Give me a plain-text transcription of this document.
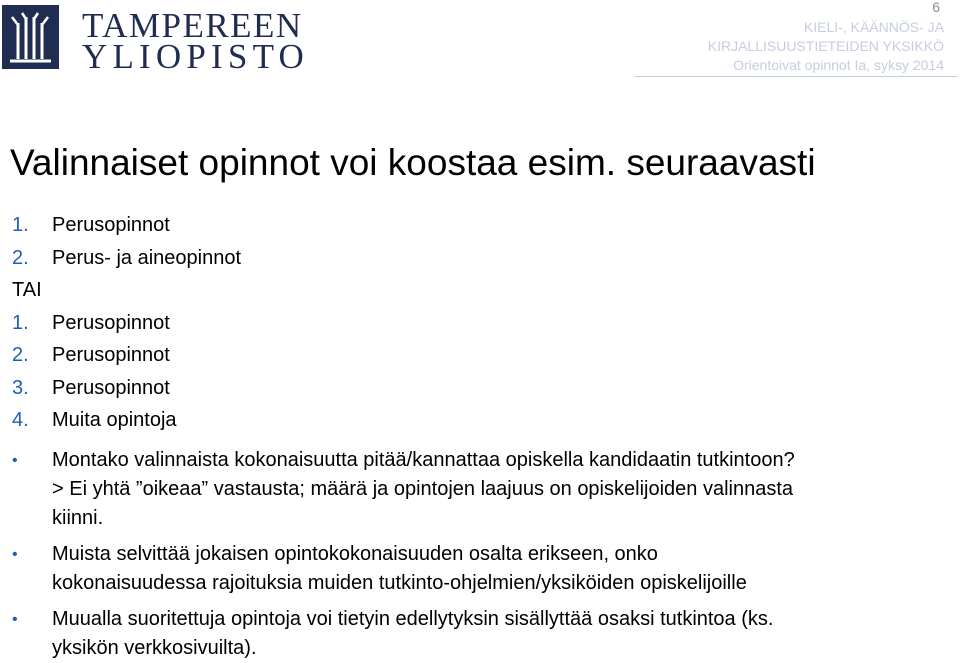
TAMPEREEN
YLIOPISTO
6
KIELI-, KÄÄNNÖS- JA
KIRJALLISUUSTIETEIDEN YKSIKKÖ
Orientoivat opinnot Ia, syksy 2014
Valinnaiset opinnot voi koostaa esim. seuraavasti
1.	Perusopinnot
2.	Perus- ja aineopinnot
TAI
1.	Perusopinnot
2.	Perusopinnot
3.	Perusopinnot
4.	Muita opintoja
•	Montako valinnaista kokonaisuutta pitää/kannattaa opiskella kandidaatin tutkintoon?
> Ei yhtä ”oikeaa” vastausta; määrä ja opintojen laajuus on opiskelijoiden valinnasta
kiinni.
•	Muista selvittää jokaisen opintokokonaisuuden osalta erikseen, onko
kokonaisuudessa rajoituksia muiden tutkinto-ohjelmien/yksiköiden opiskelijoille
•	Muualla suoritettuja opintoja voi tietyin edellytyksin sisällyttää osaksi tutkintoa (ks.
yksikön verkkosivuilta).
